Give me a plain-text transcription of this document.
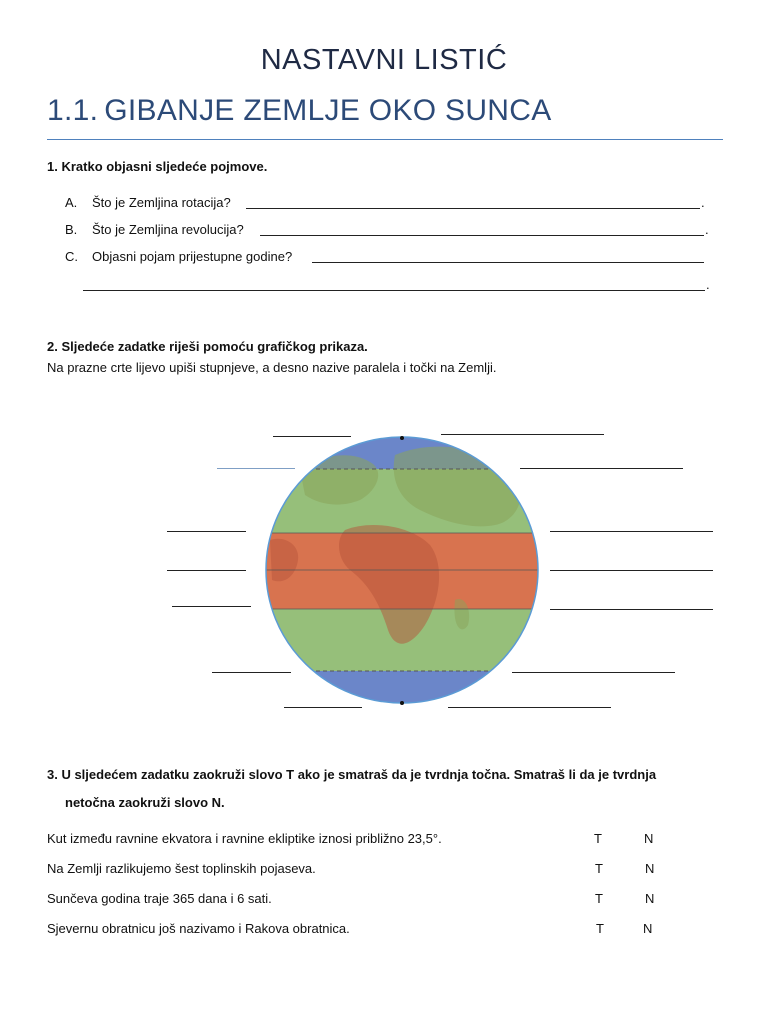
NASTAVNI LISTIĆ
1.1. GIBANJE ZEMLJE OKO SUNCA
1. Kratko objasni sljedeće pojmove.
A. Što je Zemljina rotacija?	.
B. Što je Zemljina revolucija?	.
C. Objasni pojam prijestupne godine?
.
2. Sljedeće zadatke riješi pomoću grafičkog prikaza.
Na prazne crte lijevo upiši stupnjeve, a desno nazive paralela i točki na Zemlji.
3. U sljedećem zadatku zaokruži slovo T ako je smatraš da je tvrdnja točna. Smatraš li da je tvrdnja
netočna zaokruži slovo N.
Kut između ravnine ekvatora i ravnine ekliptike iznosi približno 23,5°.	T	N
Na Zemlji razlikujemo šest toplinskih pojaseva.	T	N
Sunčeva godina traje 365 dana i 6 sati.	T	N
Sjevernu obratnicu još nazivamo i Rakova obratnica.	T	N
